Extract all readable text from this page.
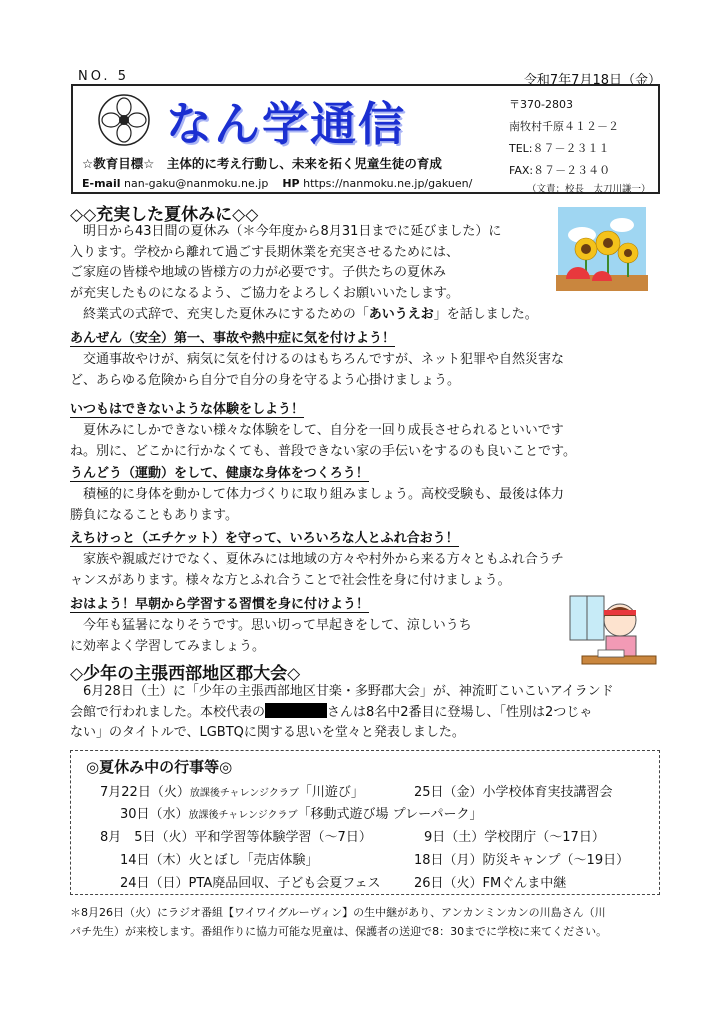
NO. 5	令和7年7月18日（金）
なん学通信
☆教育目標☆　主体的に考え行動し、未来を拓く児童生徒の育成
E-mail nan-gaku@nanmoku.ne.jp HP https://nanmoku.ne.jp/gakuen/
〒370-2803
南牧村千原４１２－２
TEL:８７－２３１１
FAX:８７－２３４０
（文責：校長　太刀川謙一）
◇◇充実した夏休みに◇◇
明日から43日間の夏休み（＊今年度から8月31日までに延びました）に
入ります。学校から離れて過ごす長期休業を充実させるためには、
ご家庭の皆様や地域の皆様方の力が必要です。子供たちの夏休み
が充実したものになるよう、ご協力をよろしくお願いいたします。
終業式の式辞で、充実した夏休みにするための「あいうえお」を話しました。
あんぜん（安全）第一、事故や熱中症に気を付けよう！
交通事故やけが、病気に気を付けるのはもちろんですが、ネット犯罪や自然災害な
ど、あらゆる危険から自分で自分の身を守るよう心掛けましょう。
いつもはできないような体験をしよう！
夏休みにしかできない様々な体験をして、自分を一回り成長させられるといいです
ね。別に、どこかに行かなくても、普段できない家の手伝いをするのも良いことです。
うんどう（運動）をして、健康な身体をつくろう！
積極的に身体を動かして体力づくりに取り組みましょう。高校受験も、最後は体力
勝負になることもあります。
えちけっと（エチケット）を守って、いろいろな人とふれ合おう！
家族や親戚だけでなく、夏休みには地域の方々や村外から来る方々ともふれ合うチ
ャンスがあります。様々な方とふれ合うことで社会性を身に付けましょう。
おはよう！早朝から学習する習慣を身に付けよう！
今年も猛暑になりそうです。思い切って早起きをして、涼しいうち
に効率よく学習してみましょう。
◇少年の主張西部地区郡大会◇
6月28日（土）に「少年の主張西部地区甘楽・多野郡大会」が、神流町こいこいアイランド
会館で行われました。本校代表の	さんは8名中2番目に登場し、「性別は2つじゃ
ない」のタイトルで、LGBTQに関する思いを堂々と発表しました。
◎夏休み中の行事等◎
7月22日（火）放課後チャレンジクラブ「川遊び」
30日（水）放課後チャレンジクラブ「移動式遊び場 プレーパーク」
8月　5日（火）平和学習等体験学習（～7日）
14日（木）火とぼし「売店体験」
24日（日）PTA廃品回収、子ども会夏フェス
25日（金）小学校体育実技講習会
9日（土）学校閉庁（～17日）
18日（月）防災キャンプ（～19日）
26日（火）FMぐんま中継
＊8月26日（火）にラジオ番組【ワイワイグルーヴィン】の生中継があり、アンカンミンカンの川島さん（川
パチ先生）が来校します。番組作りに協力可能な児童は、保護者の送迎で8：30までに学校に来てください。
